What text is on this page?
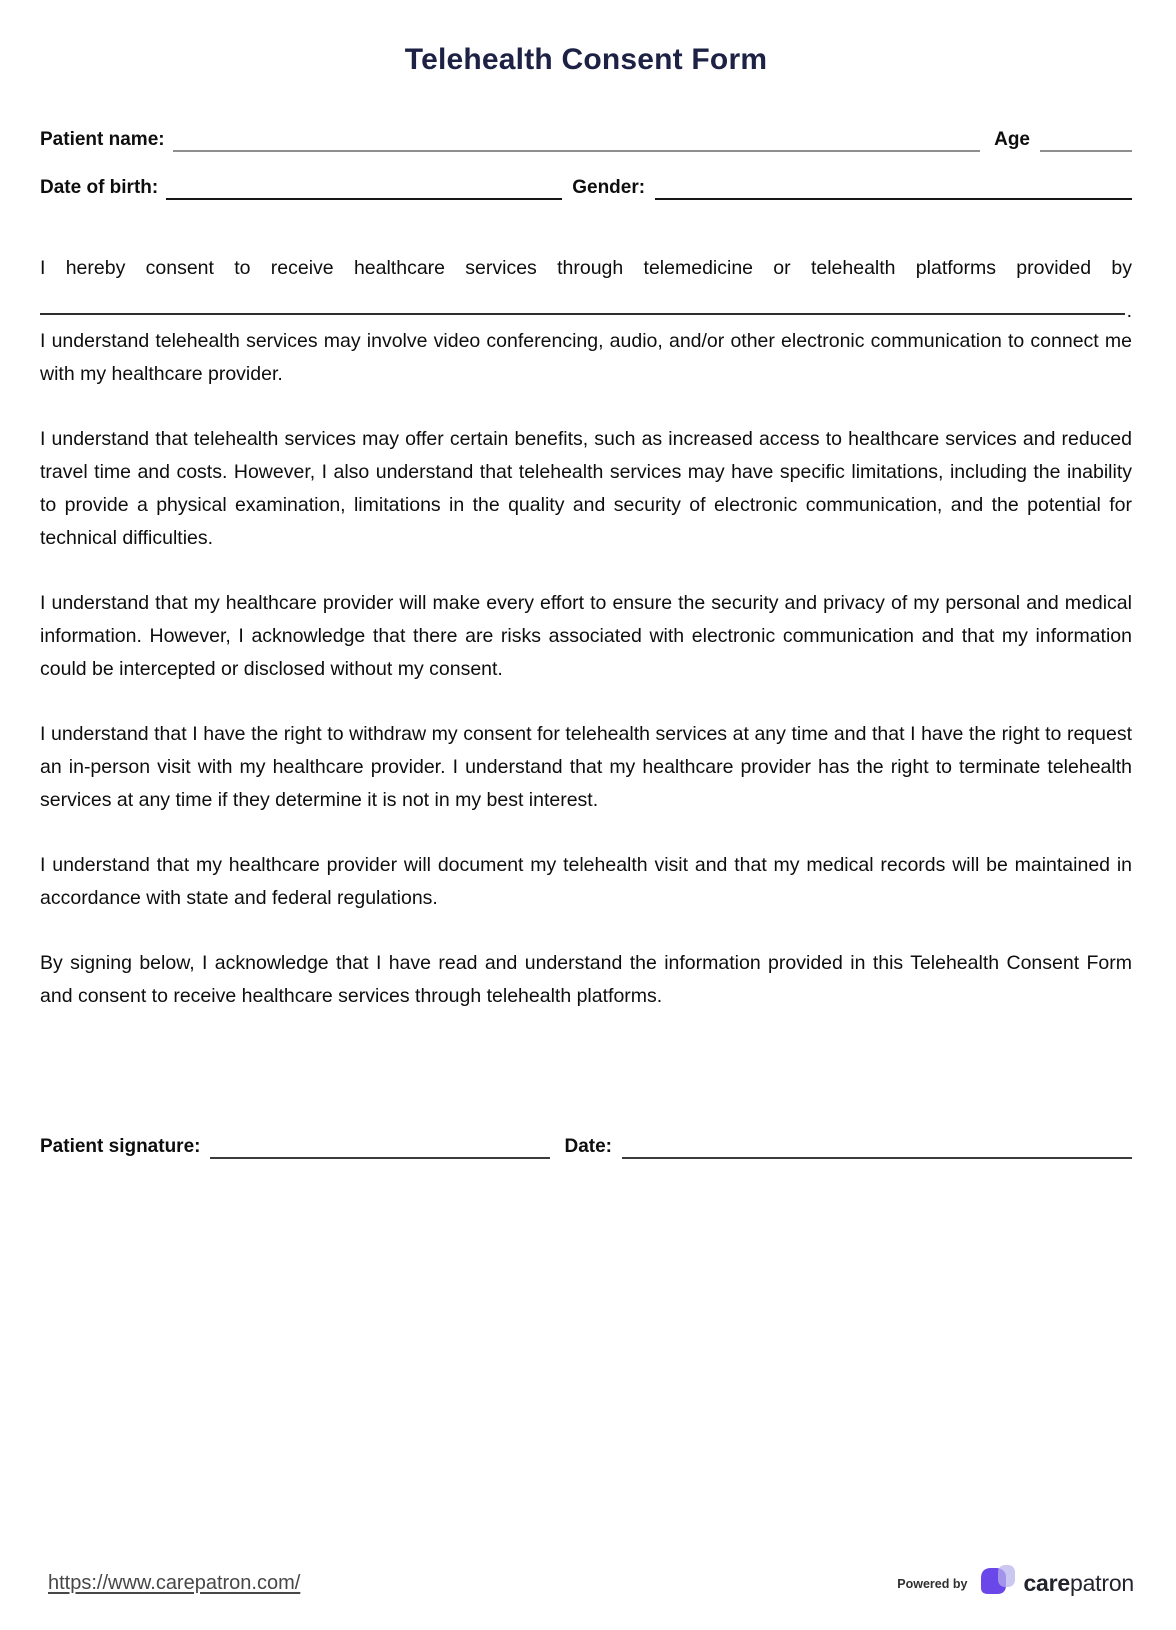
Telehealth Consent Form
Patient name:	Age
Date of birth:	Gender:

I hereby consent to receive healthcare services through telemedicine or telehealth platforms provided by

.

I understand telehealth services may involve video conferencing, audio, and/or other electronic communication to connect me with my healthcare provider.

I understand that telehealth services may offer certain benefits, such as increased access to healthcare services and reduced travel time and costs. However, I also understand that telehealth services may have specific limitations, including the inability to provide a physical examination, limitations in the quality and security of electronic communication, and the potential for technical difficulties.

I understand that my healthcare provider will make every effort to ensure the security and privacy of my personal and medical information. However, I acknowledge that there are risks associated with electronic communication and that my information could be intercepted or disclosed without my consent.

I understand that I have the right to withdraw my consent for telehealth services at any time and that I have the right to request an in-person visit with my healthcare provider. I understand that my healthcare provider has the right to terminate telehealth services at any time if they determine it is not in my best interest.

I understand that my healthcare provider will document my telehealth visit and that my medical records will be maintained in accordance with state and federal regulations.

By signing below, I acknowledge that I have read and understand the information provided in this Telehealth Consent Form and consent to receive healthcare services through telehealth platforms.

Patient signature:	Date:
https://www.carepatron.com/	Powered by carepatron
